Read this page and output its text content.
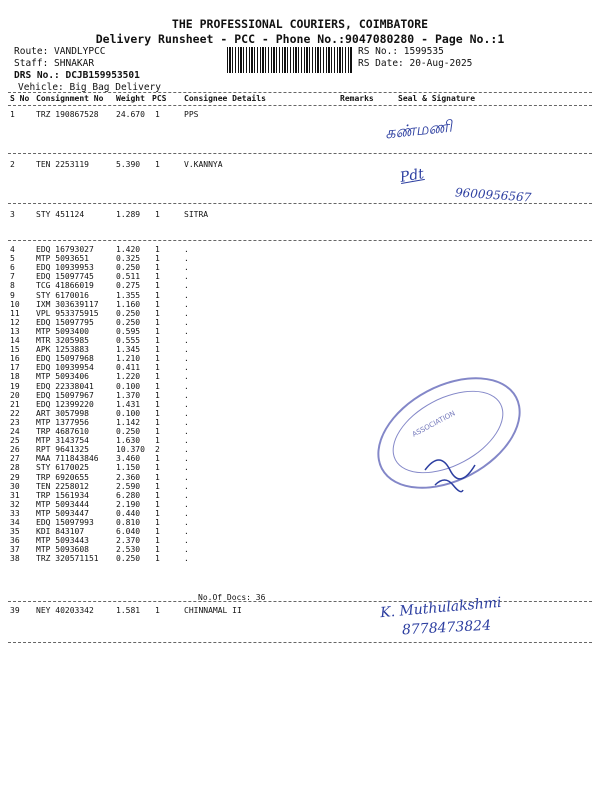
THE PROFESSIONAL COURIERS, COIMBATORE
Delivery Runsheet - PCC - Phone No.:9047080280 - Page No.:1
Route: VANDLYPCC
Staff: SHNAKAR
DRS No.: DCJB159953501
Vehicle: Big Bag Delivery
RS No.: 1599535
RS Date: 20-Aug-2025
S No Consignment No Weight PCS Consignee Details	Remarks	Seal & Signature
1	TRZ 190867528 24.670 1	PPS
2	TEN 2253119	5.390 1	V.KANNYA
3	STY 451124	1.289 1	SITRA
4	EDQ 16793027	1.420 1	.
5	MTP 5093651	0.325 1	.
6	EDQ 10939953	0.250 1	.
7	EDQ 15097745	0.511 1	.
8	TCG 41866019	0.275 1	.
9	STY 6170016	1.355 1	.
10 IXM 303639117 1.160 1	.
11 VPL 953375915 0.250 1	.
12 EDQ 15097795	0.250 1	.
13 MTP 5093400	0.595 1	.
14 MTR 3205985	0.555 1	.
15 APK 1253883	1.345 1	.
16 EDQ 15097968	1.210 1	.
17 EDQ 10939954	0.411 1	.
18 MTP 5093406	1.220 1	.
19 EDQ 22338041	0.100 1	.
20 EDQ 15097967	1.370 1	.
21 EDQ 12399220	1.431 1	.
22 ART 3057998	0.100 1	.
23 MTP 1377956	1.142 1	.
24 TRP 4687610	0.250 1	.
25 MTP 3143754	1.630 1	.
26 RPT 9641325	10.370 2	.
27 MAA 711843846 3.460 1	.
28 STY 6170025	1.150 1	.
29 TRP 6920655	2.360 1	.
30 TEN 2258012	2.590 1	.
31 TRP 1561934	6.280 1	.
32 MTP 5093444	2.190 1	.
33 MTP 5093447	0.440 1	.
34 EDQ 15097993	0.810 1	.
35 KDI 843107	6.040 1	.
36 MTP 5093443	2.370 1	.
37 MTP 5093608	2.530 1	.
38 TRZ 320571151 0.250 1	.
39 NEY 40203342	1.581 1	CHINNAMAL II
No.Of Docs: 36
கண்மணி
Pdt
9600956567
K. Muthulakshmi
8778473824
ASSOCIATION
